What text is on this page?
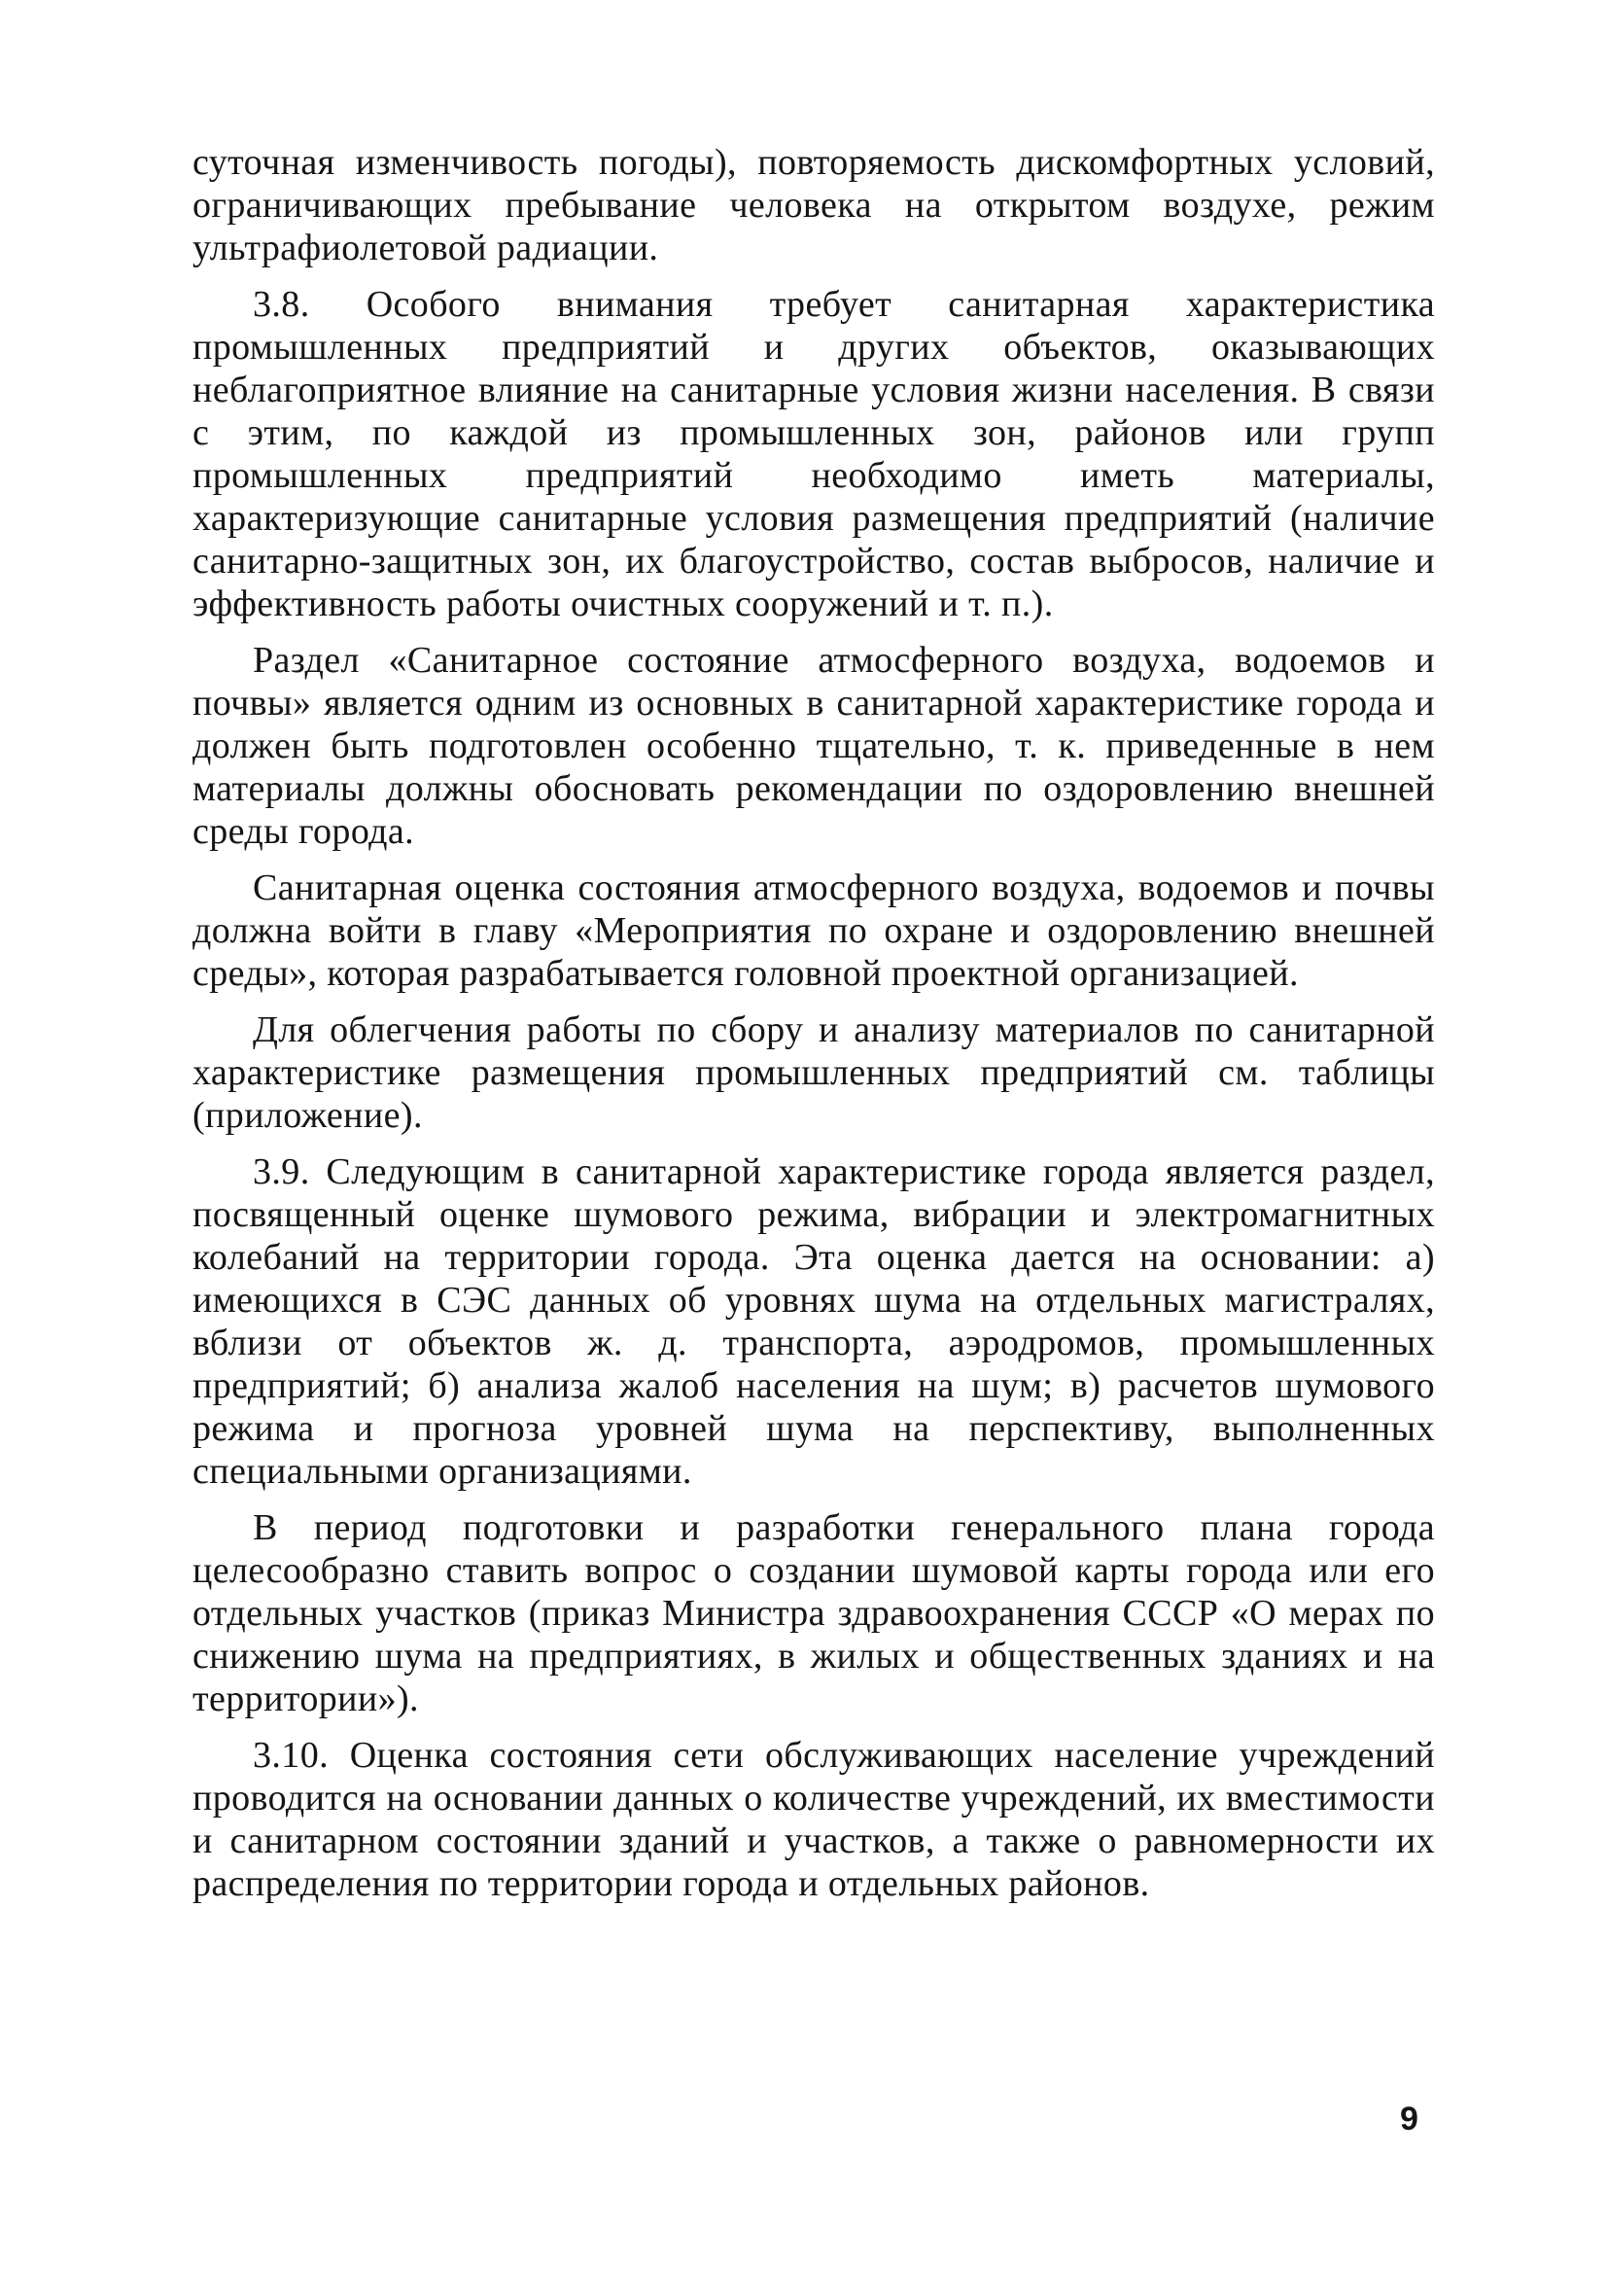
суточная изменчивость погоды), повторяемость дискомфортных условий, ограничивающих пребывание человека на открытом воздухе, режим ультрафиолетовой радиации.

3.8. Особого внимания требует санитарная характеристика промышленных предприятий и других объектов, оказывающих неблагоприятное влияние на санитарные условия жизни населения. В связи с этим, по каждой из промышленных зон, районов или групп промышленных предприятий необходимо иметь материалы, характеризующие санитарные условия размещения предприятий (наличие санитарно-защитных зон, их благоустройство, состав выбросов, наличие и эффективность работы очистных сооружений и т. п.).

Раздел «Санитарное состояние атмосферного воздуха, водоемов и почвы» является одним из основных в санитарной характеристике города и должен быть подготовлен особенно тщательно, т. к. приведенные в нем материалы должны обосновать рекомендации по оздоровлению внешней среды города.

Санитарная оценка состояния атмосферного воздуха, водоемов и почвы должна войти в главу «Мероприятия по охране и оздоровлению внешней среды», которая разрабатывается головной проектной организацией.

Для облегчения работы по сбору и анализу материалов по санитарной характеристике размещения промышленных предприятий см. таблицы (приложение).

3.9. Следующим в санитарной характеристике города является раздел, посвященный оценке шумового режима, вибрации и электромагнитных колебаний на территории города. Эта оценка дается на основании: а) имеющихся в СЭС данных об уровнях шума на отдельных магистралях, вблизи от объектов ж. д. транспорта, аэродромов, промышленных предприятий; б) анализа жалоб населения на шум; в) расчетов шумового режима и прогноза уровней шума на перспективу, выполненных специальными организациями.

В период подготовки и разработки генерального плана города целесообразно ставить вопрос о создании шумовой карты города или его отдельных участков (приказ Министра здравоохранения СССР «О мерах по снижению шума на предприятиях, в жилых и общественных зданиях и на территории»).

3.10. Оценка состояния сети обслуживающих население учреждений проводится на основании данных о количестве учреждений, их вместимости и санитарном состоянии зданий и участков, а также о равномерности их распределения по территории города и отдельных районов.

9
